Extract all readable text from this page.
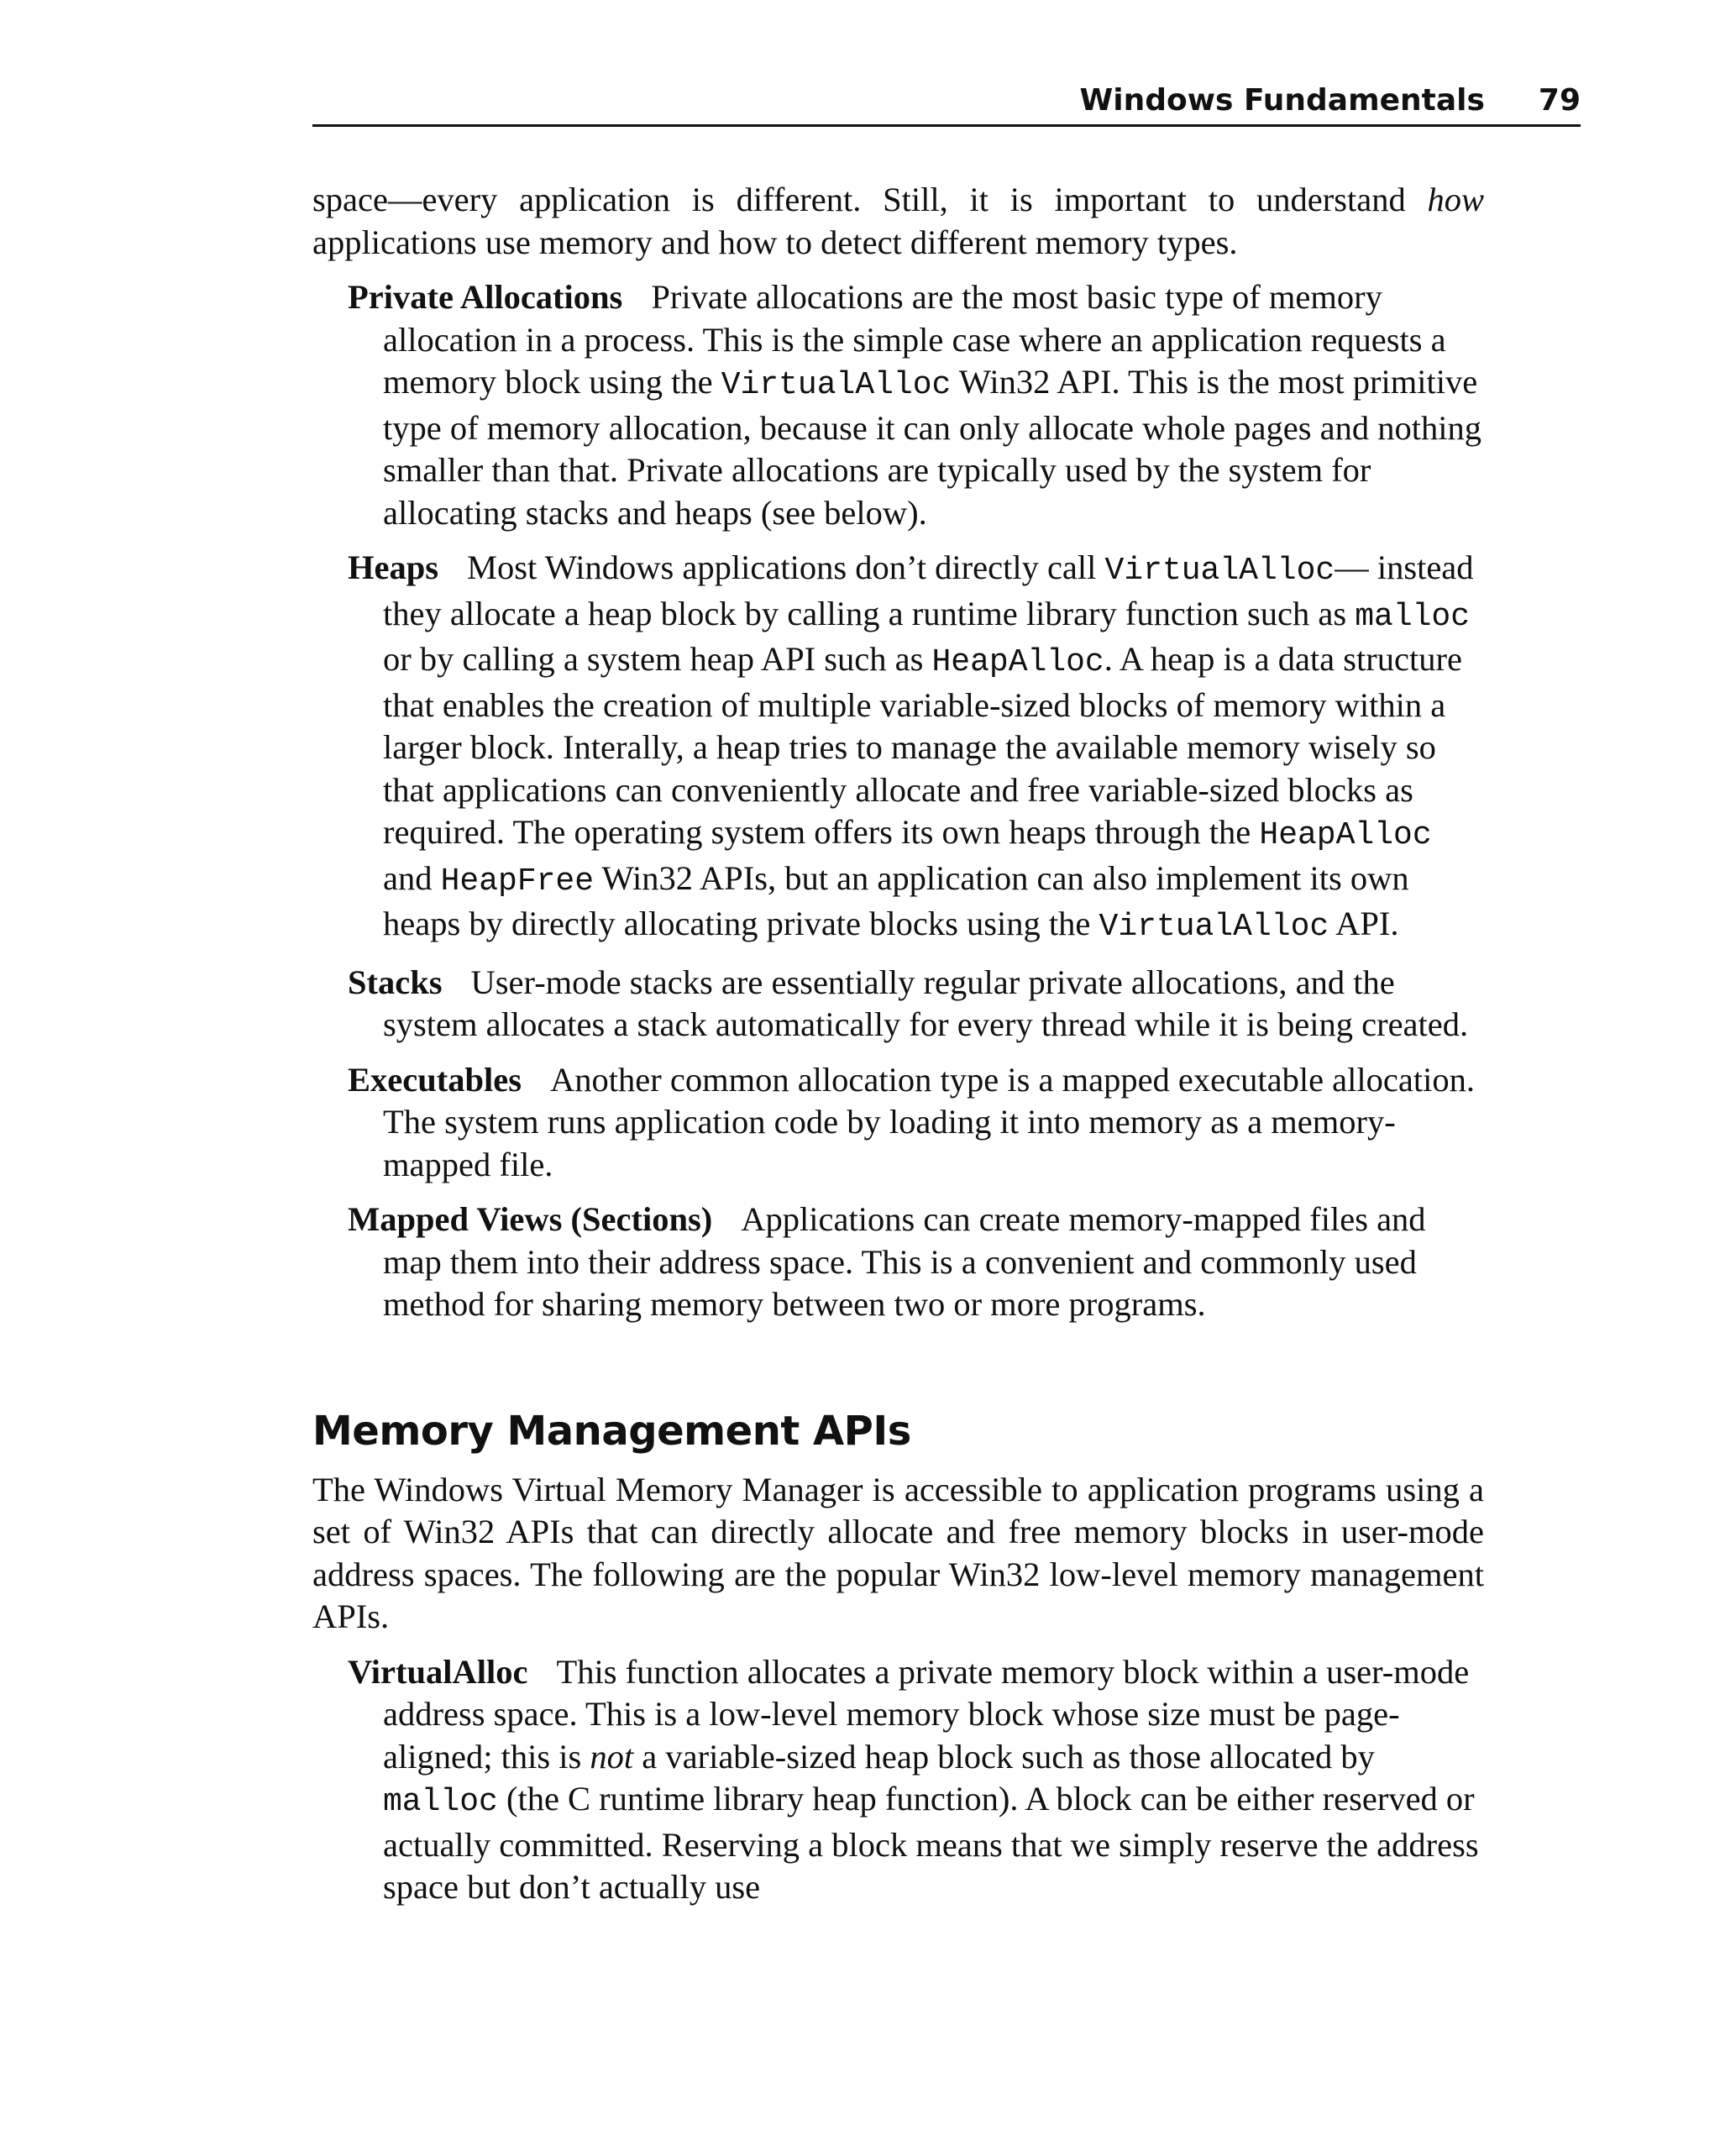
Windows Fundamentals 79

space—every application is different. Still, it is important to understand how applications use memory and how to detect different memory types.

Private Allocations Private allocations are the most basic type of memory allocation in a process. This is the simple case where an application requests a memory block using the VirtualAlloc Win32 API. This is the most primitive type of memory allocation, because it can only allocate whole pages and nothing smaller than that. Private allocations are typically used by the system for allocating stacks and heaps (see below).

Heaps Most Windows applications don’t directly call VirtualAlloc— instead they allocate a heap block by calling a runtime library function such as malloc or by calling a system heap API such as HeapAlloc. A heap is a data structure that enables the creation of multiple variable-sized blocks of memory within a larger block. Interally, a heap tries to manage the available memory wisely so that applications can conveniently allocate and free variable-sized blocks as required. The operating system offers its own heaps through the HeapAlloc and HeapFree Win32 APIs, but an application can also implement its own heaps by directly allocating private blocks using the VirtualAlloc API.

Stacks User-mode stacks are essentially regular private allocations, and the system allocates a stack automatically for every thread while it is being created.

Executables Another common allocation type is a mapped executable allocation. The system runs application code by loading it into memory as a memory-mapped file.

Mapped Views (Sections) Applications can create memory-mapped files and map them into their address space. This is a convenient and commonly used method for sharing memory between two or more programs.

Memory Management APIs

The Windows Virtual Memory Manager is accessible to application programs using a set of Win32 APIs that can directly allocate and free memory blocks in user-mode address spaces. The following are the popular Win32 low-level memory management APIs.

VirtualAlloc This function allocates a private memory block within a user-mode address space. This is a low-level memory block whose size must be page-aligned; this is not a variable-sized heap block such as those allocated by malloc (the C runtime library heap function). A block can be either reserved or actually committed. Reserving a block means that we simply reserve the address space but don’t actually use
